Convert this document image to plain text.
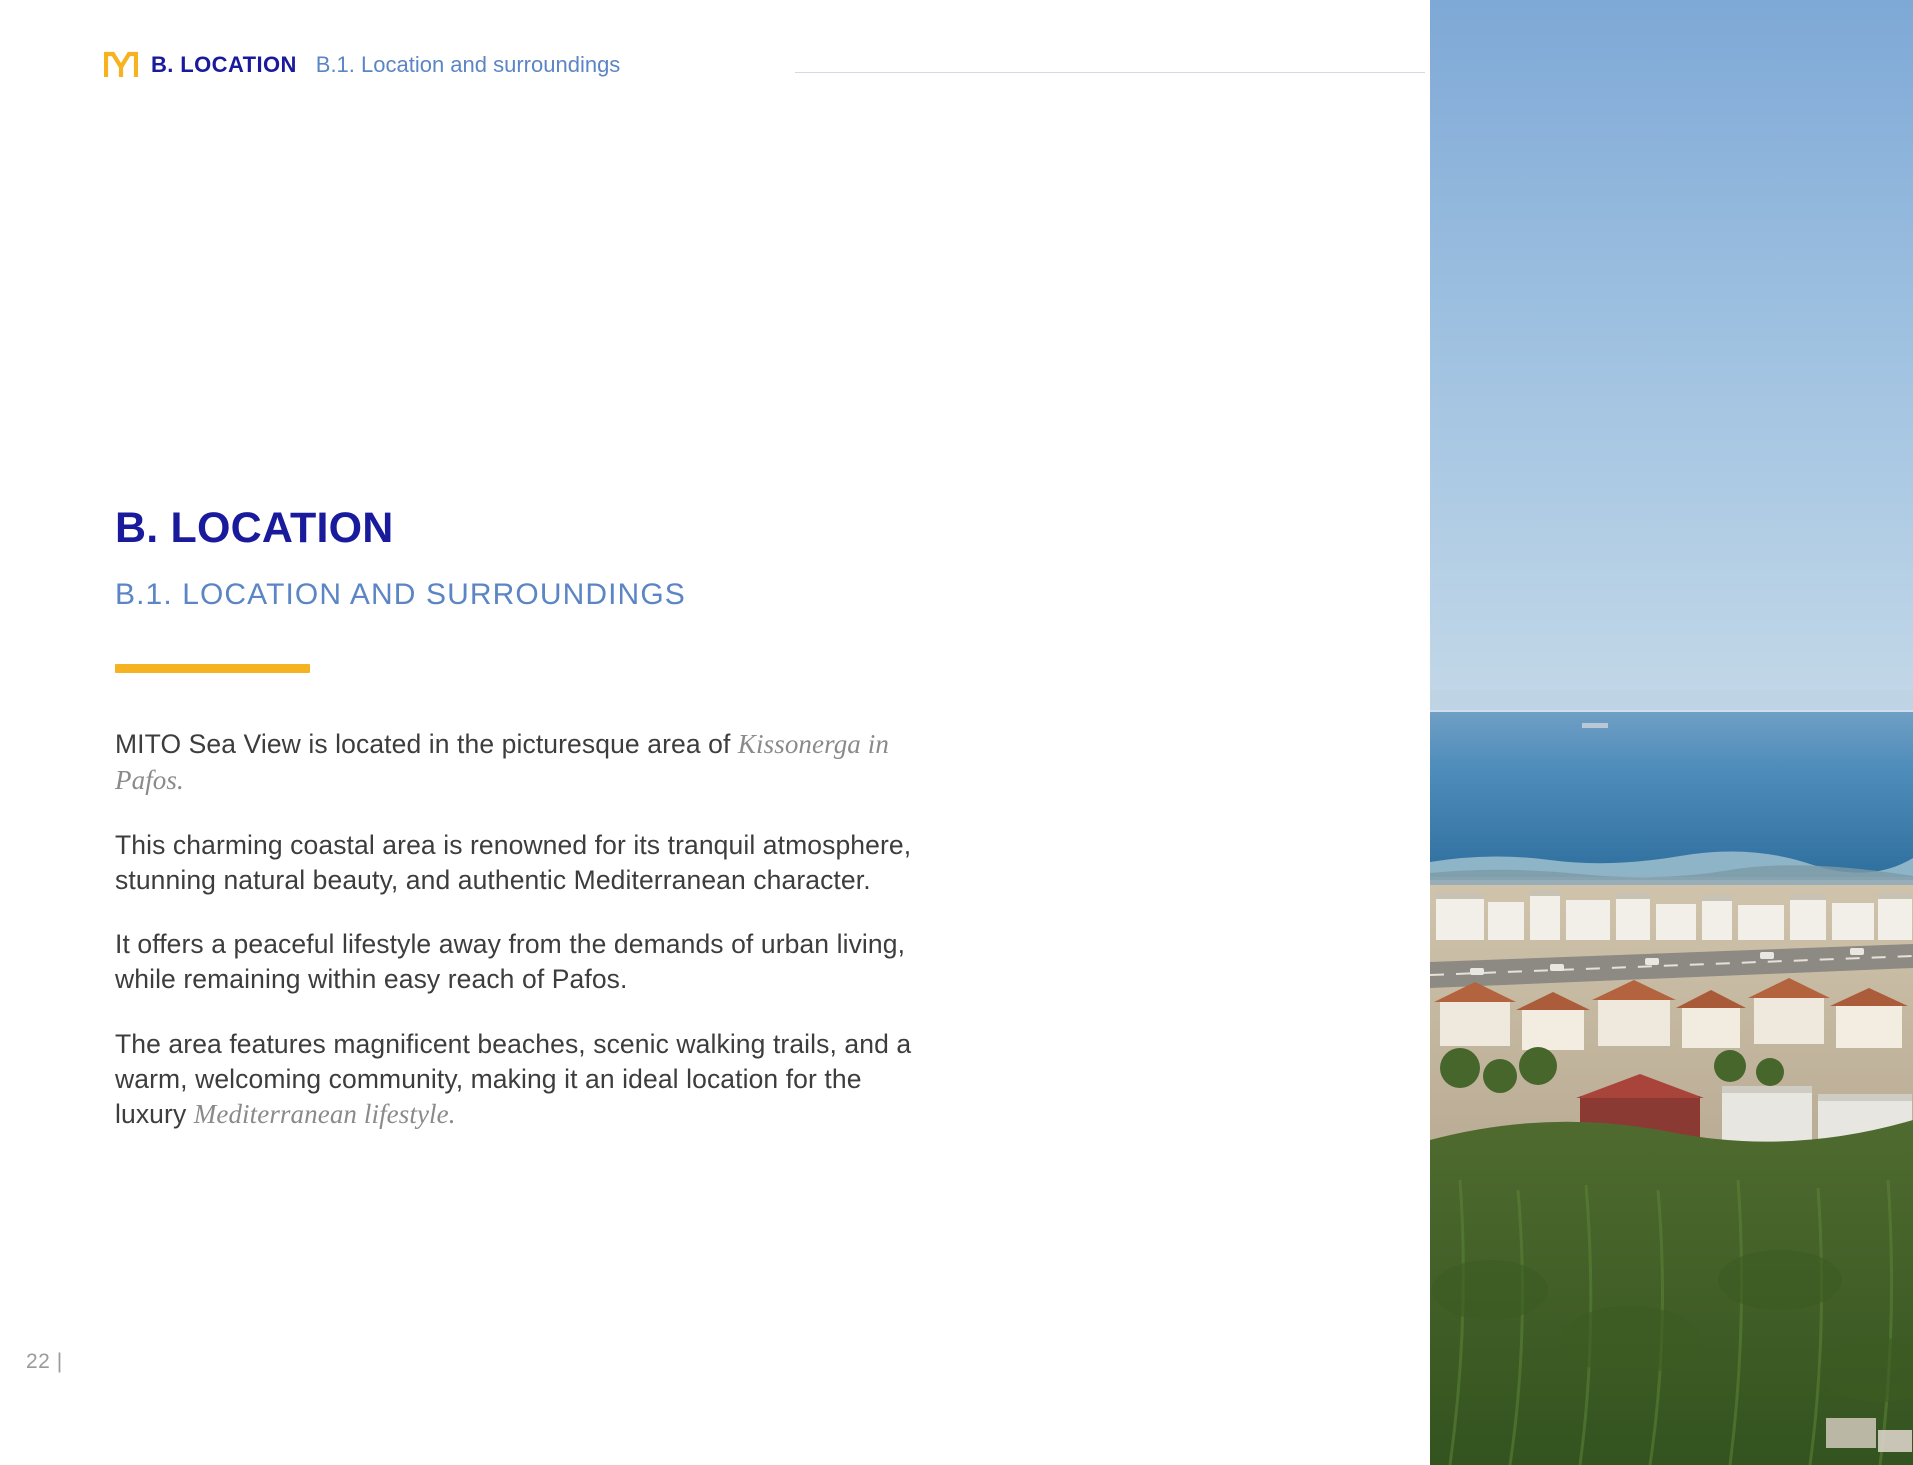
B. LOCATION B.1. Location and surroundings
B. LOCATION
B.1. LOCATION AND SURROUNDINGS

MITO Sea View is located in the picturesque area of Kissonerga in Pafos.

This charming coastal area is renowned for its tranquil atmosphere, stunning natural beauty, and authentic Mediterranean character.

It offers a peaceful lifestyle away from the demands of urban living, while remaining within easy reach of Pafos.

The area features magnificent beaches, scenic walking trails, and a warm, welcoming community, making it an ideal location for the luxury Mediterranean lifestyle.

22 |
